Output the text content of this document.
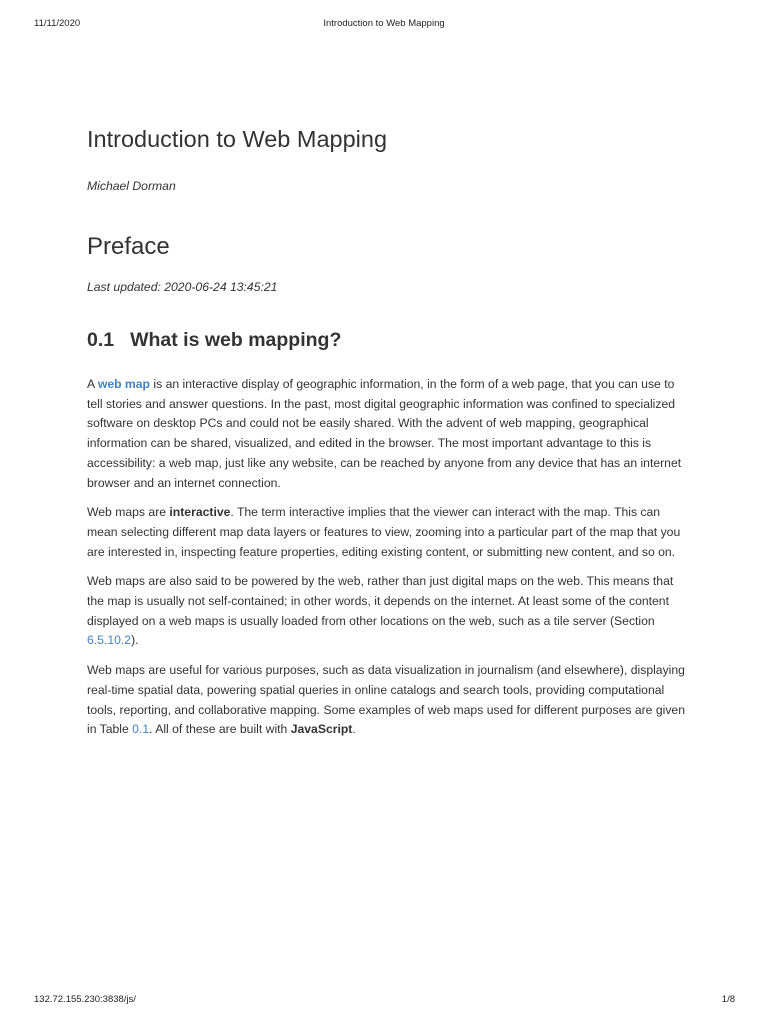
11/11/2020	Introduction to Web Mapping
Introduction to Web Mapping
Michael Dorman
Preface
Last updated: 2020-06-24 13:45:21
0.1 What is web mapping?

A web map is an interactive display of geographic information, in the form of a web page, that you can use to tell stories and answer questions. In the past, most digital geographic information was confined to specialized software on desktop PCs and could not be easily shared. With the advent of web mapping, geographical information can be shared, visualized, and edited in the browser. The most important advantage to this is accessibility: a web map, just like any website, can be reached by anyone from any device that has an internet browser and an internet connection.

Web maps are interactive. The term interactive implies that the viewer can interact with the map. This can mean selecting different map data layers or features to view, zooming into a particular part of the map that you are interested in, inspecting feature properties, editing existing content, or submitting new content, and so on.

Web maps are also said to be powered by the web, rather than just digital maps on the web. This means that the map is usually not self-contained; in other words, it depends on the internet. At least some of the content displayed on a web maps is usually loaded from other locations on the web, such as a tile server (Section 6.5.10.2).

Web maps are useful for various purposes, such as data visualization in journalism (and elsewhere), displaying real-time spatial data, powering spatial queries in online catalogs and search tools, providing computational tools, reporting, and collaborative mapping. Some examples of web maps used for different purposes are given in Table 0.1. All of these are built with JavaScript.

132.72.155.230:3838/js/	1/8
